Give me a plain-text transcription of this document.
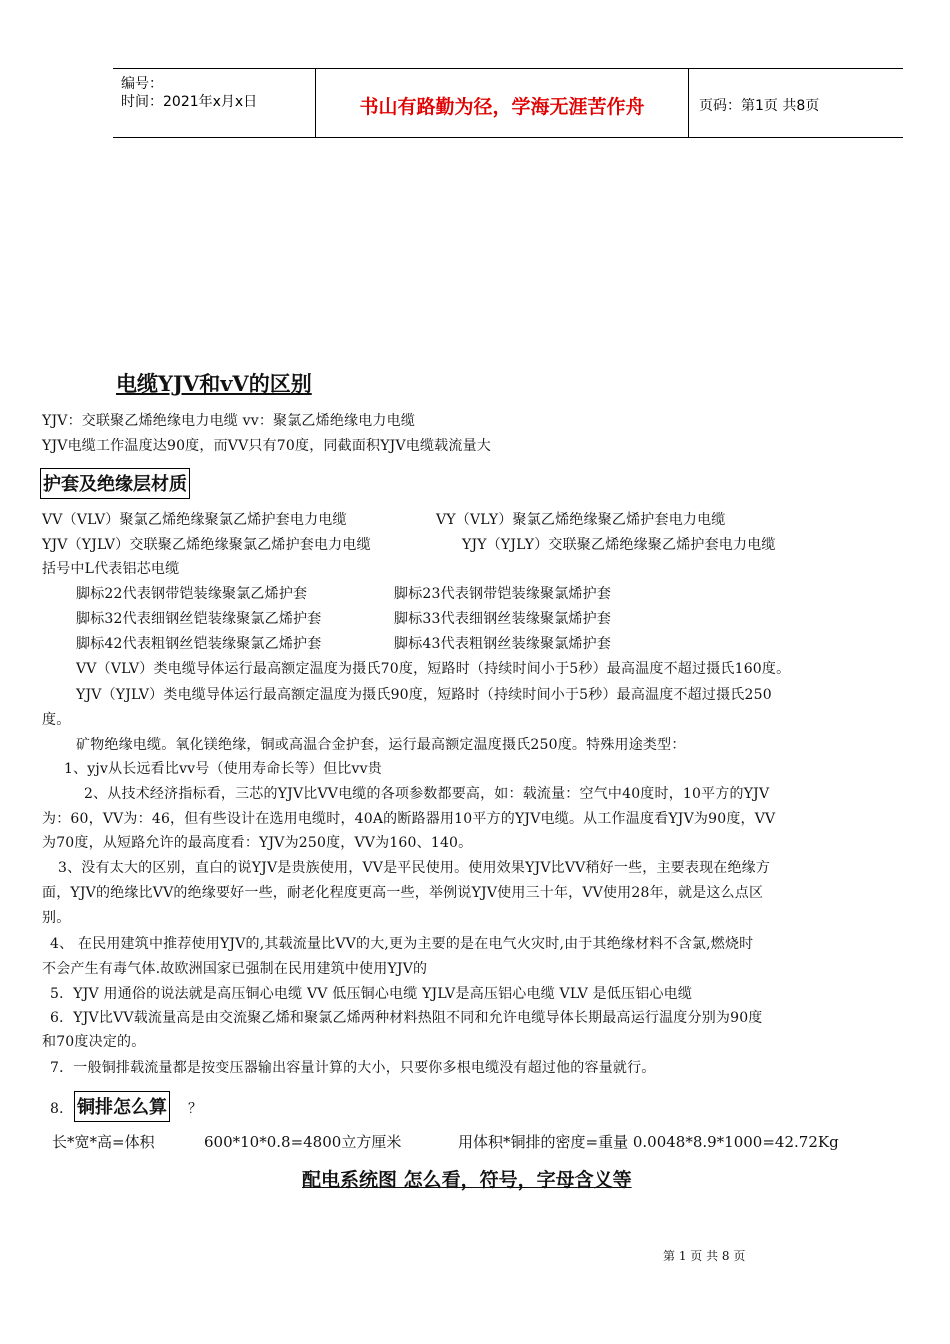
编号：
时间：2021年x月x日	书山有路勤为径，学海无涯苦作舟	页码：第1页 共8页
电缆YJV和vV的区别
YJV：交联聚乙烯绝缘电力电缆 vv：聚氯乙烯绝缘电力电缆
YJV电缆工作温度达90度，而VV只有70度，同截面积YJV电缆载流量大
护套及绝缘层材质
VV（VLV）聚氯乙烯绝缘聚氯乙烯护套电力电缆	VY（VLY）聚氯乙烯绝缘聚乙烯护套电力电缆
YJV（YJLV）交联聚乙烯绝缘聚氯乙烯护套电力电缆	YJY（YJLY）交联聚乙烯绝缘聚乙烯护套电力电缆
括号中L代表铝芯电缆
脚标22代表钢带铠装缘聚氯乙烯护套	脚标23代表钢带铠装缘聚氯烯护套
脚标32代表细钢丝铠装缘聚氯乙烯护套	脚标33代表细钢丝装缘聚氯烯护套
脚标42代表粗钢丝铠装缘聚氯乙烯护套	脚标43代表粗钢丝装缘聚氯烯护套
VV（VLV）类电缆导体运行最高额定温度为摄氏70度，短路时（持续时间小于5秒）最高温度不超过摄氏160度。
YJV（YJLV）类电缆导体运行最高额定温度为摄氏90度，短路时（持续时间小于5秒）最高温度不超过摄氏250
度。
矿物绝缘电缆。氧化镁绝缘，铜或高温合金护套，运行最高额定温度摄氏250度。特殊用途类型：
1、yjv从长远看比vv号（使用寿命长等）但比vv贵
2、从技术经济指标看，三芯的YJV比VV电缆的各项参数都要高，如：载流量：空气中40度时，10平方的YJV
为：60，VV为：46，但有些设计在选用电缆时，40A的断路器用10平方的YJV电缆。从工作温度看YJV为90度，VV
为70度，从短路允许的最高度看：YJV为250度，VV为160、140。
3、没有太大的区别，直白的说YJV是贵族使用，VV是平民使用。使用效果YJV比VV稍好一些，主要表现在绝缘方
面，YJV的绝缘比VV的绝缘要好一些，耐老化程度更高一些，举例说YJV使用三十年，VV使用28年，就是这么点区
别。
4、 在民用建筑中推荐使用YJV的,其载流量比VV的大,更为主要的是在电气火灾时,由于其绝缘材料不含氯,燃烧时
不会产生有毒气体.故欧洲国家已强制在民用建筑中使用YJV的
5．YJV 用通俗的说法就是高压铜心电缆 VV 低压铜心电缆 YJLV是高压铝心电缆 VLV 是低压铝心电缆
6．YJV比VV载流量高是由交流聚乙烯和聚氯乙烯两种材料热阻不同和允许电缆导体长期最高运行温度分别为90度
和70度决定的。
7．一般铜排载流量都是按变压器输出容量计算的大小，只要你多根电缆没有超过他的容量就行。
8． 铜排怎么算 ？
长*宽*高=体积	600*10*0.8=4800立方厘米	用体积*铜排的密度=重量 0.0048*8.9*1000=42.72Kg
配电系统图 怎么看，符号，字母含义等
第 1 页 共 8 页
